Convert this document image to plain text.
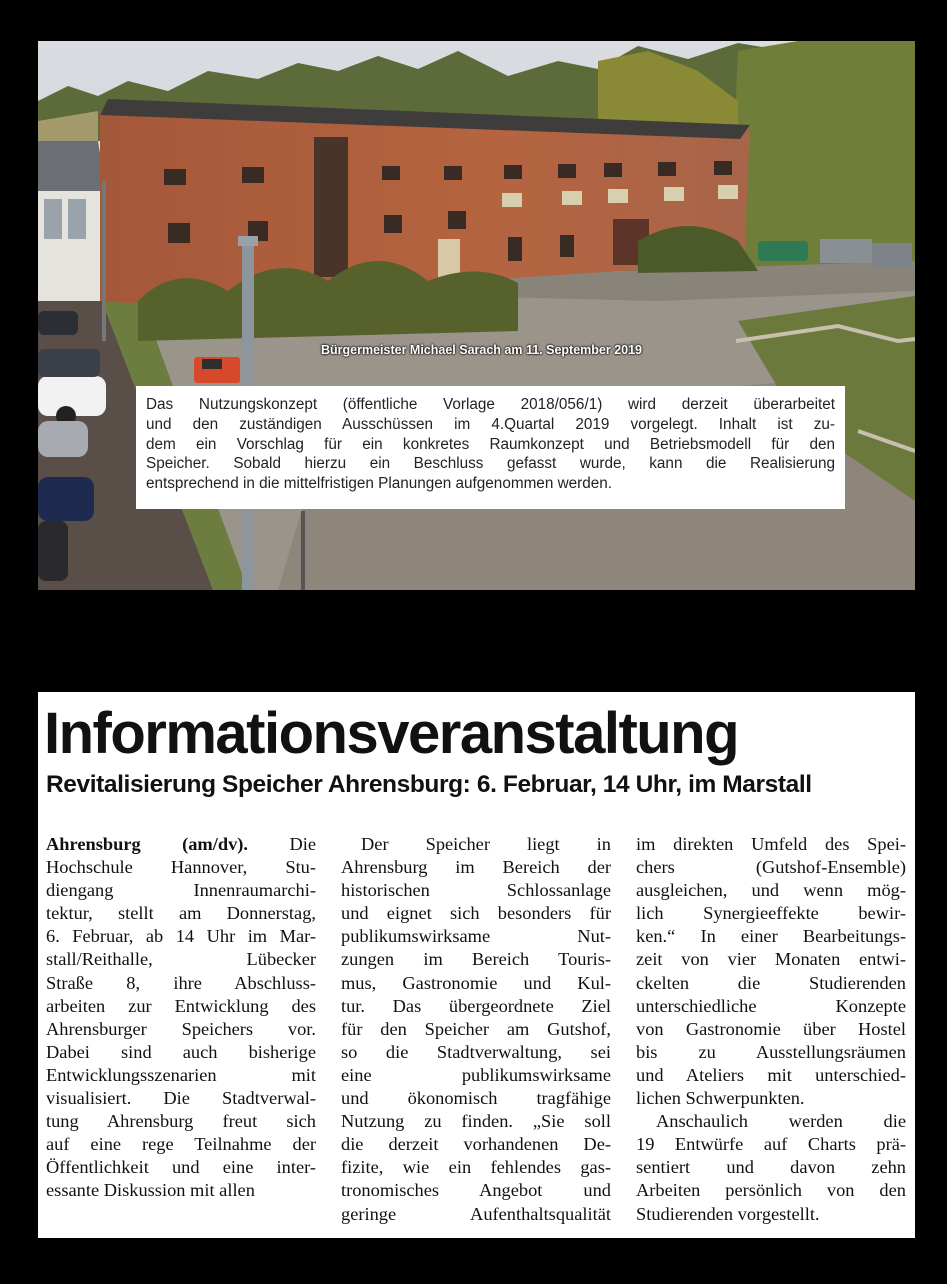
Bürgermeister Michael Sarach am 11. September 2019
Das Nutzungskonzept (öffentliche Vorlage 2018/056/1) wird derzeit überarbeitet
und den zuständigen Ausschüssen im 4.Quartal 2019 vorgelegt. Inhalt ist zu-
dem ein Vorschlag für ein konkretes Raumkonzept und Betriebsmodell für den
Speicher. Sobald hierzu ein Beschluss gefasst wurde, kann die Realisierung
entsprechend in die mittelfristigen Planungen aufgenommen werden.
Informationsveranstaltung
Revitalisierung Speicher Ahrensburg: 6. Februar, 14 Uhr, im Marstall
Ahrensburg (am/dv). Die
Hochschule Hannover, Stu-
diengang Innenraumarchi-
tektur, stellt am Donnerstag,
6. Februar, ab 14 Uhr im Mar-
stall/Reithalle, Lübecker
Straße 8, ihre Abschluss-
arbeiten zur Entwicklung des
Ahrensburger Speichers vor.
Dabei sind auch bisherige
Entwicklungsszenarien mit
visualisiert. Die Stadtverwal-
tung Ahrensburg freut sich
auf eine rege Teilnahme der
Öffentlichkeit und eine inter-
essante Diskussion mit allen
Der Speicher liegt in
Ahrensburg im Bereich der
historischen Schlossanlage
und eignet sich besonders für
publikumswirksame Nut-
zungen im Bereich Touris-
mus, Gastronomie und Kul-
tur. Das übergeordnete Ziel
für den Speicher am Gutshof,
so die Stadtverwaltung, sei
eine publikumswirksame
und ökonomisch tragfähige
Nutzung zu finden. „Sie soll
die derzeit vorhandenen De-
fizite, wie ein fehlendes gas-
tronomisches Angebot und
geringe Aufenthaltsqualität
im direkten Umfeld des Spei-
chers (Gutshof-Ensemble)
ausgleichen, und wenn mög-
lich Synergieeffekte bewir-
ken.“ In einer Bearbeitungs-
zeit von vier Monaten entwi-
ckelten die Studierenden
unterschiedliche Konzepte
von Gastronomie über Hostel
bis zu Ausstellungsräumen
und Ateliers mit unterschied-
lichen Schwerpunkten.
Anschaulich werden die
19 Entwürfe auf Charts prä-
sentiert und davon zehn
Arbeiten persönlich von den
Studierenden vorgestellt.
